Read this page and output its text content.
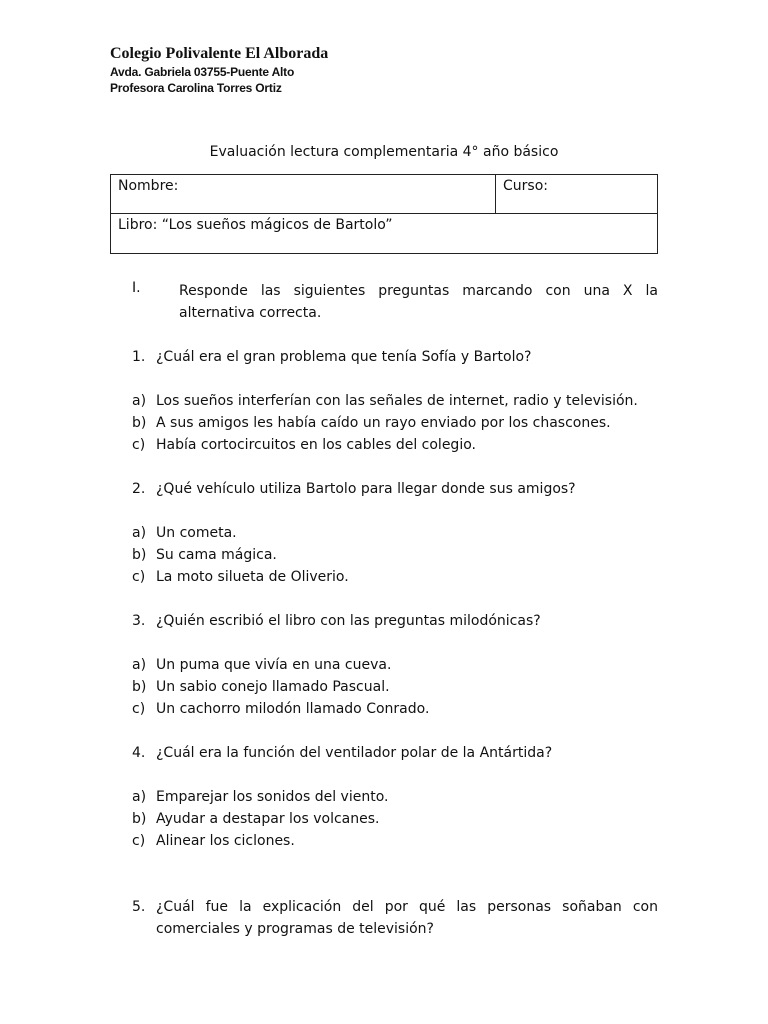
Colegio Polivalente El Alborada

Avda. Gabriela 03755-Puente Alto

Profesora Carolina Torres Ortiz

Evaluación lectura complementaria 4° año básico
Nombre:	Curso:
Libro: “Los sueños mágicos de Bartolo”
I.	Responde las siguientes preguntas marcando con una X la
alternativa correcta.
1. ¿Cuál era el gran problema que tenía Sofía y Bartolo?
a) Los sueños interferían con las señales de internet, radio y televisión.
b) A sus amigos les había caído un rayo enviado por los chascones.
c) Había cortocircuitos en los cables del colegio.
2. ¿Qué vehículo utiliza Bartolo para llegar donde sus amigos?
a) Un cometa.
b) Su cama mágica.
c) La moto silueta de Oliverio.
3. ¿Quién escribió el libro con las preguntas milodónicas?
a) Un puma que vivía en una cueva.
b) Un sabio conejo llamado Pascual.
c) Un cachorro milodón llamado Conrado.
4. ¿Cuál era la función del ventilador polar de la Antártida?
a) Emparejar los sonidos del viento.
b) Ayudar a destapar los volcanes.
c) Alinear los ciclones.
5. ¿Cuál fue la explicación del por qué las personas soñaban con
comerciales y programas de televisión?
